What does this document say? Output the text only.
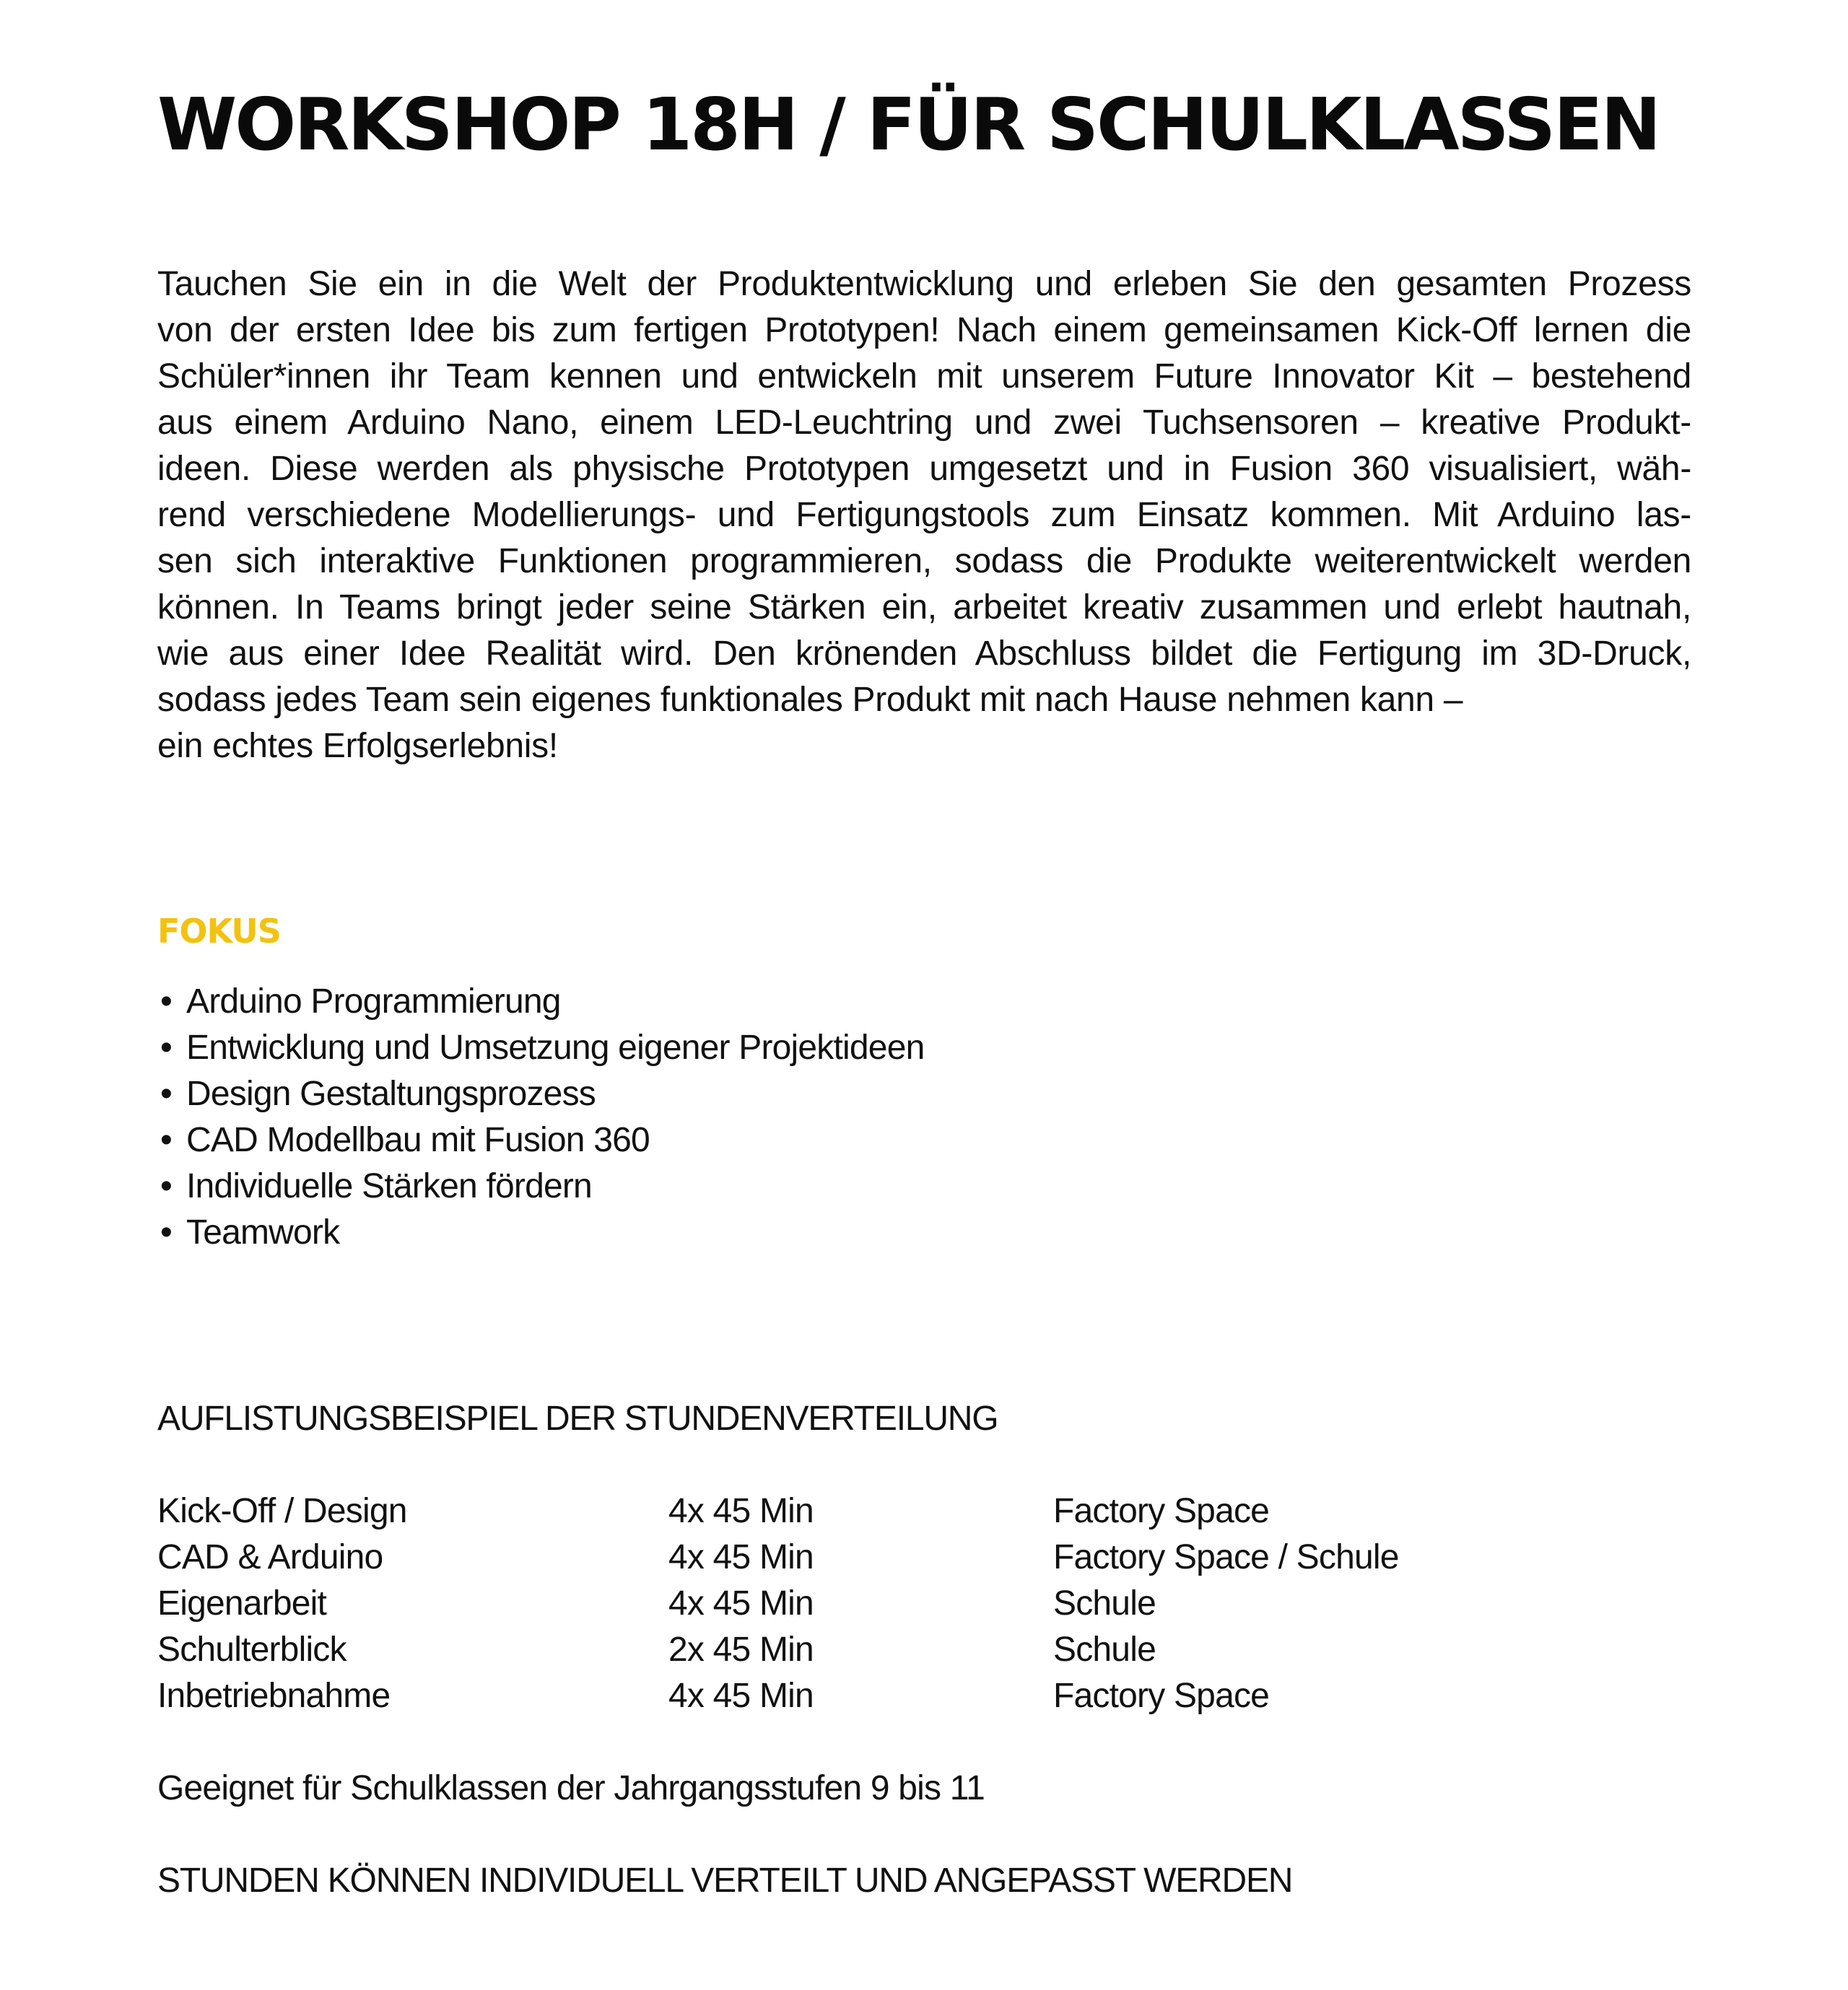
WORKSHOP 18H / FÜR SCHULKLASSEN

Tauchen Sie ein in die Welt der Produktentwicklung und erleben Sie den gesamten Prozess
von der ersten Idee bis zum fertigen Prototypen! Nach einem gemeinsamen Kick-Off lernen die
Schüler*innen ihr Team kennen und entwickeln mit unserem Future Innovator Kit – bestehend
aus einem Arduino Nano, einem LED-Leuchtring und zwei Tuchsensoren – kreative Produkt-
ideen. Diese werden als physische Prototypen umgesetzt und in Fusion 360 visualisiert, wäh-
rend verschiedene Modellierungs- und Fertigungstools zum Einsatz kommen. Mit Arduino las-
sen sich interaktive Funktionen programmieren, sodass die Produkte weiterentwickelt werden
können. In Teams bringt jeder seine Stärken ein, arbeitet kreativ zusammen und erlebt hautnah,
wie aus einer Idee Realität wird. Den krönenden Abschluss bildet die Fertigung im 3D-Druck,
sodass jedes Team sein eigenes funktionales Produkt mit nach Hause nehmen kann –
ein echtes Erfolgserlebnis!

FOKUS
• Arduino Programmierung
• Entwicklung und Umsetzung eigener Projektideen
• Design Gestaltungsprozess
• CAD Modellbau mit Fusion 360
• Individuelle Stärken fördern
• Teamwork
AUFLISTUNGSBEISPIEL DER STUNDENVERTEILUNG
Kick-Off / Design	4x 45 Min	Factory Space
CAD & Arduino	4x 45 Min	Factory Space / Schule
Eigenarbeit	4x 45 Min	Schule
Schulterblick	2x 45 Min	Schule
Inbetriebnahme	4x 45 Min	Factory Space

Geeignet für Schulklassen der Jahrgangsstufen 9 bis 11

STUNDEN KÖNNEN INDIVIDUELL VERTEILT UND ANGEPASST WERDEN
